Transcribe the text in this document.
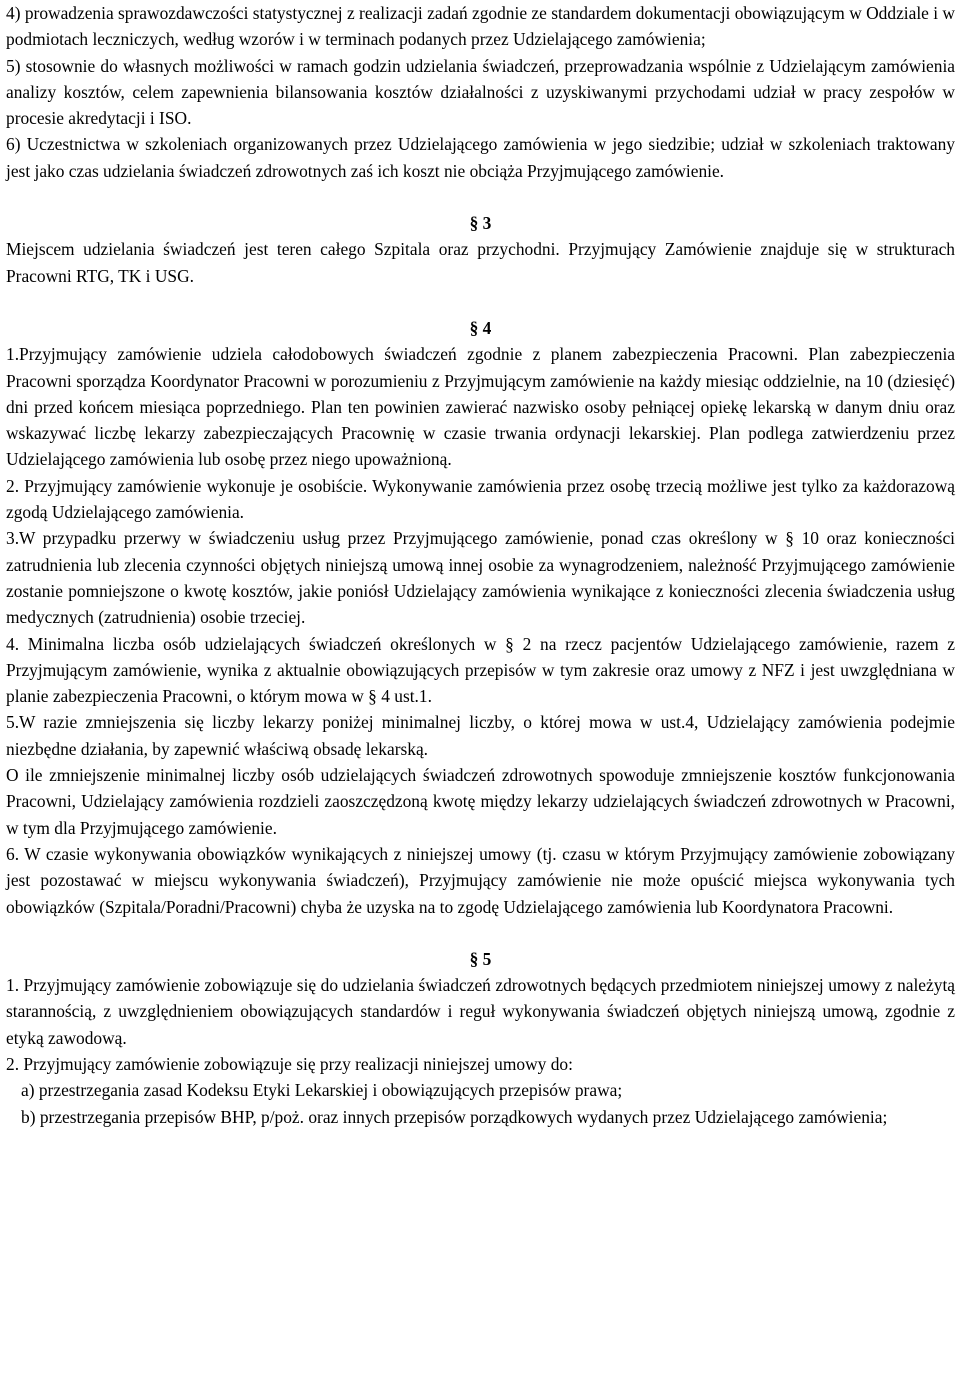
4) prowadzenia sprawozdawczości statystycznej z realizacji zadań zgodnie ze standardem dokumentacji obowiązującym w Oddziale i w podmiotach leczniczych, według wzorów i w terminach podanych przez Udzielającego zamówienia;

5) stosownie do własnych możliwości w ramach godzin udzielania świadczeń, przeprowadzania wspólnie z Udzielającym zamówienia analizy kosztów, celem zapewnienia bilansowania kosztów działalności z uzyskiwanymi przychodami udział w pracy zespołów w procesie akredytacji i ISO.

6) Uczestnictwa w szkoleniach organizowanych przez Udzielającego zamówienia w jego siedzibie; udział w szkoleniach traktowany jest jako czas udzielania świadczeń zdrowotnych zaś ich koszt nie obciąża Przyjmującego zamówienie.

§ 3

Miejscem udzielania świadczeń jest teren całego Szpitala oraz przychodni. Przyjmujący Zamówienie znajduje się w strukturach Pracowni RTG, TK i USG.

§ 4

1.Przyjmujący zamówienie udziela całodobowych świadczeń zgodnie z planem zabezpieczenia Pracowni. Plan zabezpieczenia Pracowni sporządza Koordynator Pracowni w porozumieniu z Przyjmującym zamówienie na każdy miesiąc oddzielnie, na 10 (dziesięć) dni przed końcem miesiąca poprzedniego. Plan ten powinien zawierać nazwisko osoby pełniącej opiekę lekarską w danym dniu oraz wskazywać liczbę lekarzy zabezpieczających Pracownię w czasie trwania ordynacji lekarskiej. Plan podlega zatwierdzeniu przez Udzielającego zamówienia lub osobę przez niego upoważnioną.

2. Przyjmujący zamówienie wykonuje je osobiście. Wykonywanie zamówienia przez osobę trzecią możliwe jest tylko za każdorazową zgodą Udzielającego zamówienia.

3.W przypadku przerwy w świadczeniu usług przez Przyjmującego zamówienie, ponad czas określony w § 10 oraz konieczności zatrudnienia lub zlecenia czynności objętych niniejszą umową innej osobie za wynagrodzeniem, należność Przyjmującego zamówienie zostanie pomniejszone o kwotę kosztów, jakie poniósł Udzielający zamówienia wynikające z konieczności zlecenia świadczenia usług medycznych (zatrudnienia) osobie trzeciej.

4. Minimalna liczba osób udzielających świadczeń określonych w § 2 na rzecz pacjentów Udzielającego zamówienie, razem z Przyjmującym zamówienie, wynika z aktualnie obowiązujących przepisów w tym zakresie oraz umowy z NFZ i jest uwzględniana w planie zabezpieczenia Pracowni, o którym mowa w § 4 ust.1.

5.W razie zmniejszenia się liczby lekarzy poniżej minimalnej liczby, o której mowa w ust.4, Udzielający zamówienia podejmie niezbędne działania, by zapewnić właściwą obsadę lekarską.

O ile zmniejszenie minimalnej liczby osób udzielających świadczeń zdrowotnych spowoduje zmniejszenie kosztów funkcjonowania Pracowni, Udzielający zamówienia rozdzieli zaoszczędzoną kwotę między lekarzy udzielających świadczeń zdrowotnych w Pracowni, w tym dla Przyjmującego zamówienie.

6. W czasie wykonywania obowiązków wynikających z niniejszej umowy (tj. czasu w którym Przyjmujący zamówienie zobowiązany jest pozostawać w miejscu wykonywania świadczeń), Przyjmujący zamówienie nie może opuścić miejsca wykonywania tych obowiązków (Szpitala/Poradni/Pracowni) chyba że uzyska na to zgodę Udzielającego zamówienia lub Koordynatora Pracowni.

§ 5

1. Przyjmujący zamówienie zobowiązuje się do udzielania świadczeń zdrowotnych będących przedmiotem niniejszej umowy z należytą starannością, z uwzględnieniem obowiązujących standardów i reguł wykonywania świadczeń objętych niniejszą umową, zgodnie z etyką zawodową.

2. Przyjmujący zamówienie zobowiązuje się przy realizacji niniejszej umowy do:

a) przestrzegania zasad Kodeksu Etyki Lekarskiej i obowiązujących przepisów prawa;

b) przestrzegania przepisów BHP, p/poż. oraz innych przepisów porządkowych wydanych przez Udzielającego zamówienia;
